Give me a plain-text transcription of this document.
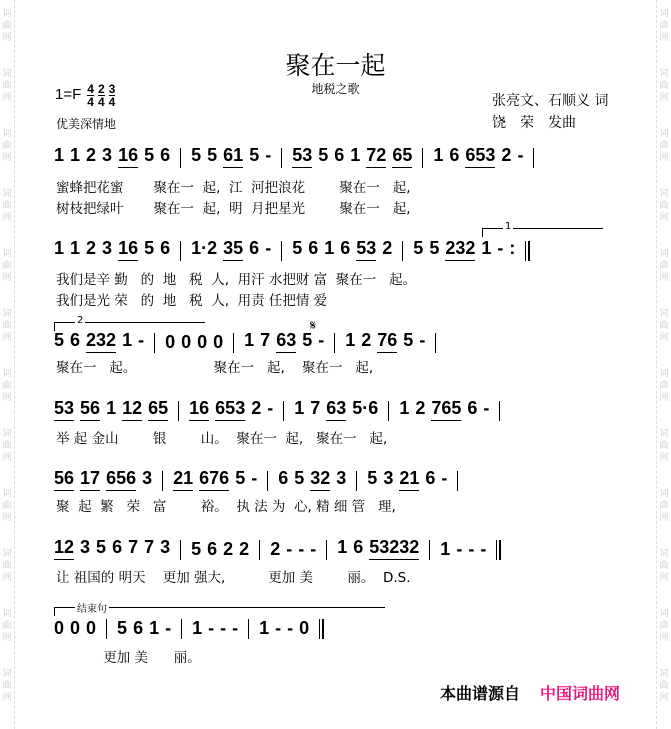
词
曲
网
词
曲
网
词
曲
网
词
曲
网
词
曲
网
词
曲
网
词
曲
网
词
曲
网
词
曲
网
词
曲
网
词
曲
网
词
曲
网
词
曲
网
词
曲
网
词
曲
网
词
曲
网
词
曲
网
词
曲
网
词
曲
网
词
曲
网
词
曲
网
词
曲
网
词
曲
网
词
曲
网
聚在一起
地税之歌
$1=F \frac{4}{4} \frac{2}{4} \frac{3}{4}$	张亮文、石顺义 词
饶　荣　发曲
优美深情地
1 1 2 3 16 5 6 5 5 61 5 - 53 5 6 1 72 65 1 6 653 2 -
蜜蜂把花蜜       聚在一  起,  江  河把浪花        聚在一   起,
树枝把绿叶       聚在一  起,  明  月把星光        聚在一   起,
1 1 2 3 16 5 6 1·2 35 6 - 5 6 1 6 53 2 5 5 232 1 - :
我们是辛 勤   的  地   税  人,  用汗 水把财 富  聚在一   起。
我们是光 荣   的  地   税  人,  用责 任把情 爱
5 6 232 1 - 0 0 0 0 1 7 63 5 - 1 2 76 5 -
聚在一   起。                  聚在一   起,    聚在一   起,
53 56 1 12 65 16 653 2 - 1 7 63 5·6 1 2 765 6 -
举 起 金山        银        山。  聚在一  起,   聚在一   起,
56 17 656 3 21 676 5 - 6 5 32 3 5 3 21 6 -
聚  起  繁   荣   富        裕。  执 法 为  心, 精 细 管   理,
12 3 5 6 7 7 3 5 6 2 2 2 - - - 1 6 53232 1 - - -
让 祖国的 明天    更加 强大,          更加 美        丽。  D.S.
0 0 0 5 6 1 - 1 - - - 1 - - 0
更加 美      丽。
1
2
结束句
𝄋
本曲谱源自 中国词曲网
